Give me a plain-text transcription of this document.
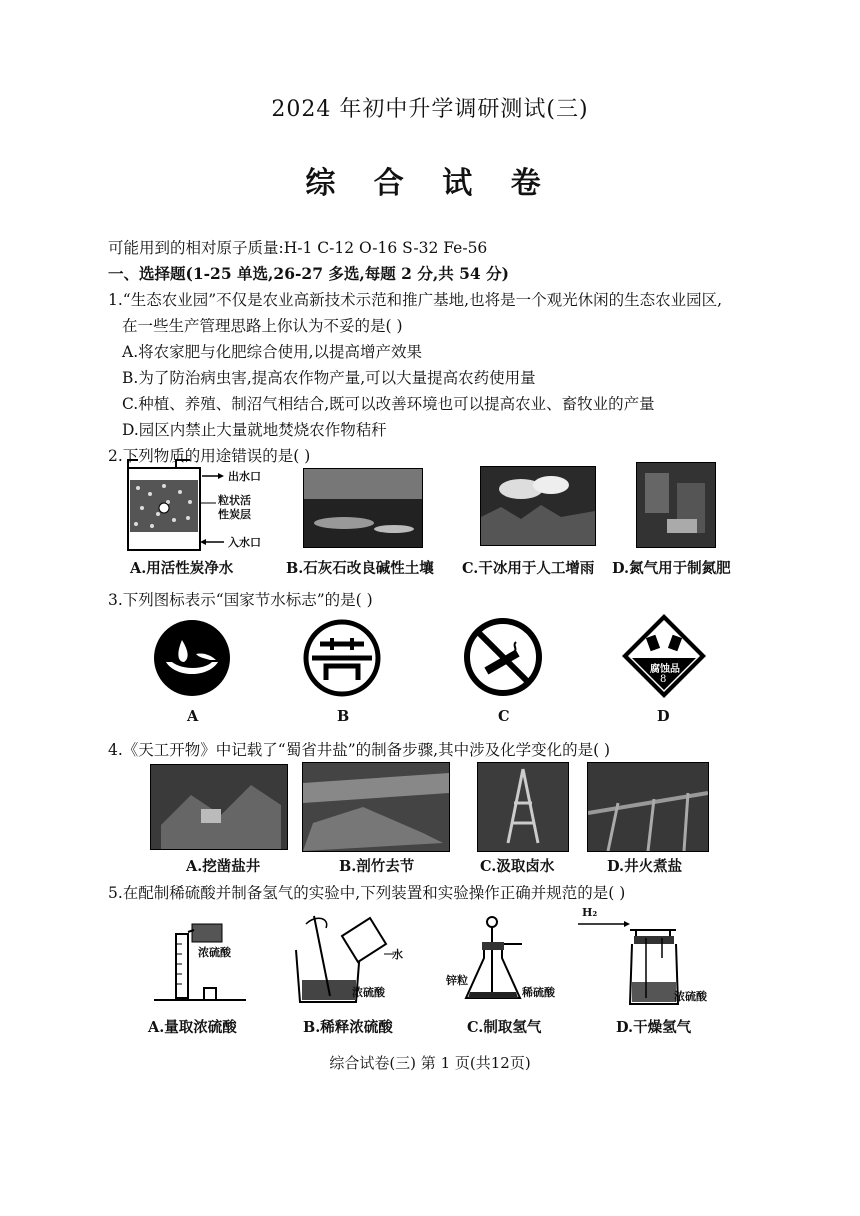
2024 年初中升学调研测试(三)
综 合 试 卷
可能用到的相对原子质量:H-1 C-12 O-16 S-32 Fe-56
一、选择题(1-25 单选,26-27 多选,每题 2 分,共 54 分)
1.“生态农业园”不仅是农业高新技术示范和推广基地,也将是一个观光休闲的生态农业园区,
在一些生产管理思路上你认为不妥的是( )
A.将农家肥与化肥综合使用,以提高增产效果
B.为了防治病虫害,提高农作物产量,可以大量提高农药使用量
C.种植、养殖、制沼气相结合,既可以改善环境也可以提高农业、畜牧业的产量
D.园区内禁止大量就地焚烧农作物秸秆
2.下列物质的用途错误的是( )
出水口
粒状活
性炭层
入水口
A.用活性炭净水	B.石灰石改良碱性土壤 C.干冰用于人工增雨 D.氮气用于制氮肥
3.下列图标表示“国家节水标志”的是( )
腐蚀品
8
A	B	C	D
4.《天工开物》中记载了“蜀省井盐”的制备步骤,其中涉及化学变化的是( )
A.挖凿盐井	B.剖竹去节	C.汲取卤水	D.井火煮盐
5.在配制稀硫酸并制备氢气的实验中,下列装置和实验操作正确并规范的是( )
浓硫酸
A.量取浓硫酸
水
浓硫酸
B.稀释浓硫酸
锌粒
稀硫酸
C.制取氢气
H₂
浓硫酸
D.干燥氢气
综合试卷(三) 第 1 页(共12页)
